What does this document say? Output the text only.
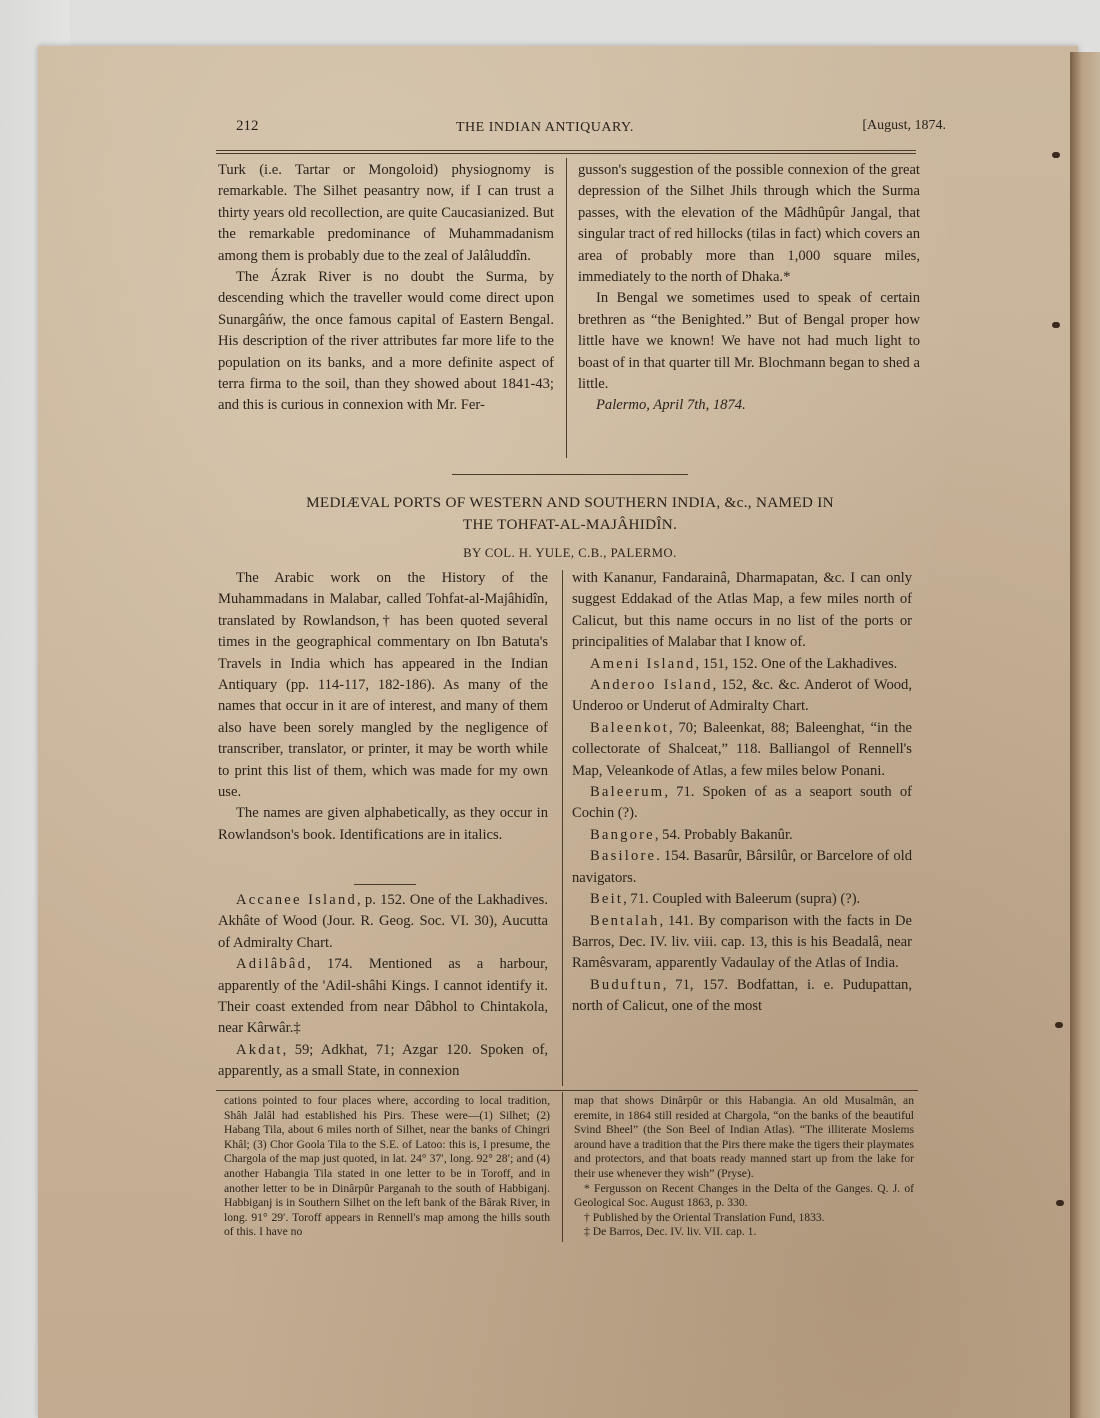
212	THE INDIAN ANTIQUARY.	[August, 1874.

Turk (i.e. Tartar or Mongoloid) physiognomy is remarkable. The Silhet peasantry now, if I can trust a thirty years old recollection, are quite Caucasianized. But the remarkable predominance of Muhammadanism among them is probably due to the zeal of Jalâluddîn.

The Ázrak River is no doubt the Surma, by descending which the traveller would come direct upon Sunargâńw, the once famous capital of Eastern Bengal. His description of the river attributes far more life to the population on its banks, and a more definite aspect of terra firma to the soil, than they showed about 1841-43; and this is curious in connexion with Mr. Fer-

gusson's suggestion of the possible connexion of the great depression of the Silhet Jhils through which the Surma passes, with the elevation of the Mâdhûpûr Jangal, that singular tract of red hillocks (tilas in fact) which covers an area of probably more than 1,000 square miles, immediately to the north of Dhaka.*

In Bengal we sometimes used to speak of certain brethren as “the Benighted.” But of Bengal proper how little have we known! We have not had much light to boast of in that quarter till Mr. Blochmann began to shed a little.

Palermo, April 7th, 1874.

MEDIÆVAL PORTS OF WESTERN AND SOUTHERN INDIA, &c., NAMED IN
THE TOHFAT-AL-MAJÂHIDÎN.
BY COL. H. YULE, C.B., PALERMO.

The Arabic work on the History of the Muhammadans in Malabar, called Tohfat-al-Majâhidîn, translated by Rowlandson,† has been quoted several times in the geographical commentary on Ibn Batuta's Travels in India which has appeared in the Indian Antiquary (pp. 114-117, 182-186). As many of the names that occur in it are of interest, and many of them also have been sorely mangled by the negligence of transcriber, translator, or printer, it may be worth while to print this list of them, which was made for my own use.

The names are given alphabetically, as they occur in Rowlandson's book. Identifications are in italics.

Accanee Island, p. 152. One of the Lakhadives. Akhâte of Wood (Jour. R. Geog. Soc. VI. 30), Aucutta of Admiralty Chart.

Adilâbâd, 174. Mentioned as a harbour, apparently of the 'Adil-shâhi Kings. I cannot identify it. Their coast extended from near Dâbhol to Chintakola, near Kârwâr.‡

Akdat, 59; Adkhat, 71; Azgar 120. Spoken of, apparently, as a small State, in connexion

with Kananur, Fandarainâ, Dharmapatan, &c. I can only suggest Eddakad of the Atlas Map, a few miles north of Calicut, but this name occurs in no list of the ports or principalities of Malabar that I know of.

Ameni Island, 151, 152. One of the Lakhadives.

Anderoo Island, 152, &c. &c. Anderot of Wood, Underoo or Underut of Admiralty Chart.

Baleenkot, 70; Baleenkat, 88; Baleenghat, “in the collectorate of Shalceat,” 118. Balliangol of Rennell's Map, Veleankode of Atlas, a few miles below Ponani.

Baleerum, 71. Spoken of as a seaport south of Cochin (?).

Bangore, 54. Probably Bakanûr.

Basilore. 154. Basarûr, Bârsilûr, or Barcelore of old navigators.

Beit, 71. Coupled with Baleerum (supra) (?).

Bentalah, 141. By comparison with the facts in De Barros, Dec. IV. liv. viii. cap. 13, this is his Beadalâ, near Ramêsvaram, apparently Vadaulay of the Atlas of India.

Buduftun, 71, 157. Bodfattan, i. e. Pudupattan, north of Calicut, one of the most

cations pointed to four places where, according to local tradition, Shâh Jalâl had established his Pirs. These were—(1) Silhet; (2) Habang Tila, about 6 miles north of Silhet, near the banks of Chingri Khâl; (3) Chor Goola Tila to the S.E. of Latoo: this is, I presume, the Chargola of the map just quoted, in lat. 24° 37′, long. 92° 28′; and (4) another Habangia Tila stated in one letter to be in Toroff, and in another letter to be in Dinârpûr Parganah to the south of Habbiganj. Habbiganj is in Southern Silhet on the left bank of the Bârak River, in long. 91° 29′. Toroff appears in Rennell's map among the hills south of this. I have no

map that shows Dinârpûr or this Habangia. An old Musalmân, an eremite, in 1864 still resided at Chargola, “on the banks of the beautiful Svind Bheel” (the Son Beel of Indian Atlas). “The illiterate Moslems around have a tradition that the Pirs there make the tigers their playmates and protectors, and that boats ready manned start up from the lake for their use whenever they wish” (Pryse).

* Fergusson on Recent Changes in the Delta of the Ganges. Q. J. of Geological Soc. August 1863, p. 330.

† Published by the Oriental Translation Fund, 1833.

‡ De Barros, Dec. IV. liv. VII. cap. 1.
